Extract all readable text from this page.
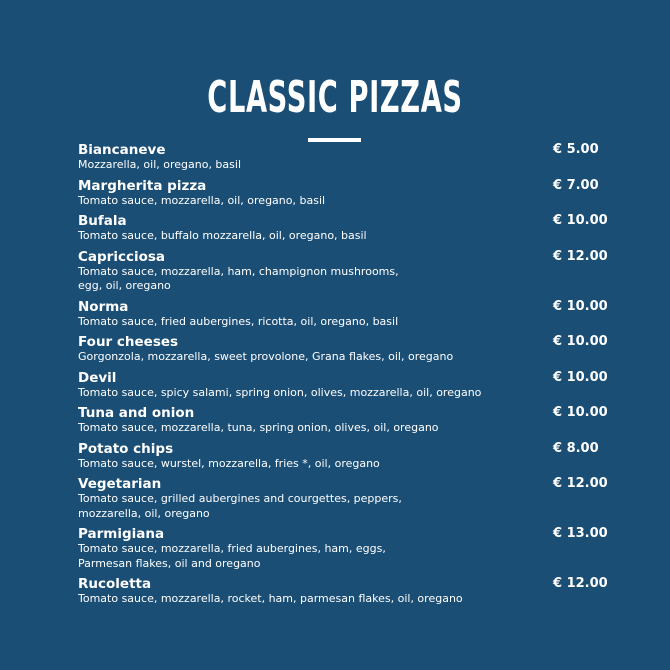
CLASSIC PIZZAS
Biancaneve
Mozzarella, oil, oregano, basil
€ 5.00
Margherita pizza
Tomato sauce, mozzarella, oil, oregano, basil
€ 7.00
Bufala
Tomato sauce, buffalo mozzarella, oil, oregano, basil
€ 10.00
Capricciosa
Tomato sauce, mozzarella, ham, champignon mushrooms, egg, oil, oregano
€ 12.00
Norma
Tomato sauce, fried aubergines, ricotta, oil, oregano, basil
€ 10.00
Four cheeses
Gorgonzola, mozzarella, sweet provolone, Grana flakes, oil, oregano
€ 10.00
Devil
Tomato sauce, spicy salami, spring onion, olives, mozzarella, oil, oregano
€ 10.00
Tuna and onion
Tomato sauce, mozzarella, tuna, spring onion, olives, oil, oregano
€ 10.00
Potato chips
Tomato sauce, wurstel, mozzarella, fries *, oil, oregano
€ 8.00
Vegetarian
Tomato sauce, grilled aubergines and courgettes, peppers, mozzarella, oil, oregano
€ 12.00
Parmigiana
Tomato sauce, mozzarella, fried aubergines, ham, eggs, Parmesan flakes, oil and oregano
€ 13.00
Rucoletta
Tomato sauce, mozzarella, rocket, ham, parmesan flakes, oil, oregano
€ 12.00
